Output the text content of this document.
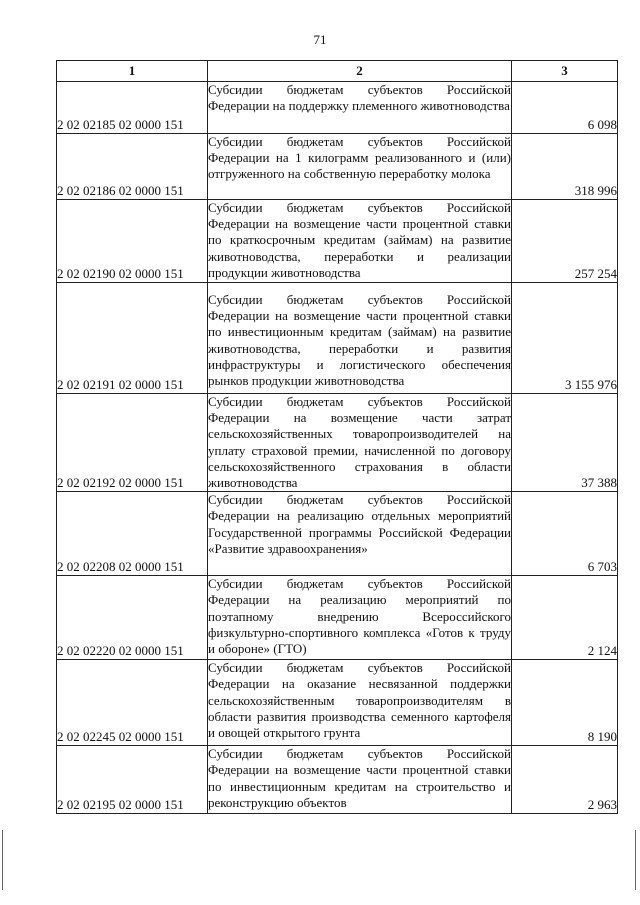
71
1	2	3
2 02 02185 02 0000 151	Субсидии бюджетам субъектов Российской Федерации на поддержку племенного животноводства	6 098
2 02 02186 02 0000 151	Субсидии бюджетам субъектов Российской Федерации на 1 килограмм реализованного и (или) отгруженного на собственную переработку молока	318 996
2 02 02190 02 0000 151	Субсидии бюджетам субъектов Российской Федерации на возмещение части процентной ставки по краткосрочным кредитам (займам) на развитие животноводства, переработки и реализации продукции животноводства	257 254
2 02 02191 02 0000 151	Субсидии бюджетам субъектов Российской Федерации на возмещение части процентной ставки по инвестиционным кредитам (займам) на развитие животноводства, переработки и развития инфраструктуры и логистического обеспечения рынков продукции животноводства	3 155 976
2 02 02192 02 0000 151	Субсидии бюджетам субъектов Российской Федерации на возмещение части затрат сельскохозяйственных товаропроизводителей на уплату страховой премии, начисленной по договору сельскохозяйственного страхования в области животноводства	37 388
2 02 02208 02 0000 151	Субсидии бюджетам субъектов Российской Федерации на реализацию отдельных мероприятий Государственной программы Российской Федерации «Развитие здравоохранения»	6 703
2 02 02220 02 0000 151	Субсидии бюджетам субъектов Российской Федерации на реализацию мероприятий по поэтапному внедрению Всероссийского физкультурно-спортивного комплекса «Готов к труду и обороне» (ГТО)	2 124
2 02 02245 02 0000 151	Субсидии бюджетам субъектов Российской Федерации на оказание несвязанной поддержки сельскохозяйственным товаропроизводителям в области развития производства семенного картофеля и овощей открытого грунта	8 190
2 02 02195 02 0000 151	Субсидии бюджетам субъектов Российской Федерации на возмещение части процентной ставки по инвестиционным кредитам на строительство и реконструкцию объектов	2 963
